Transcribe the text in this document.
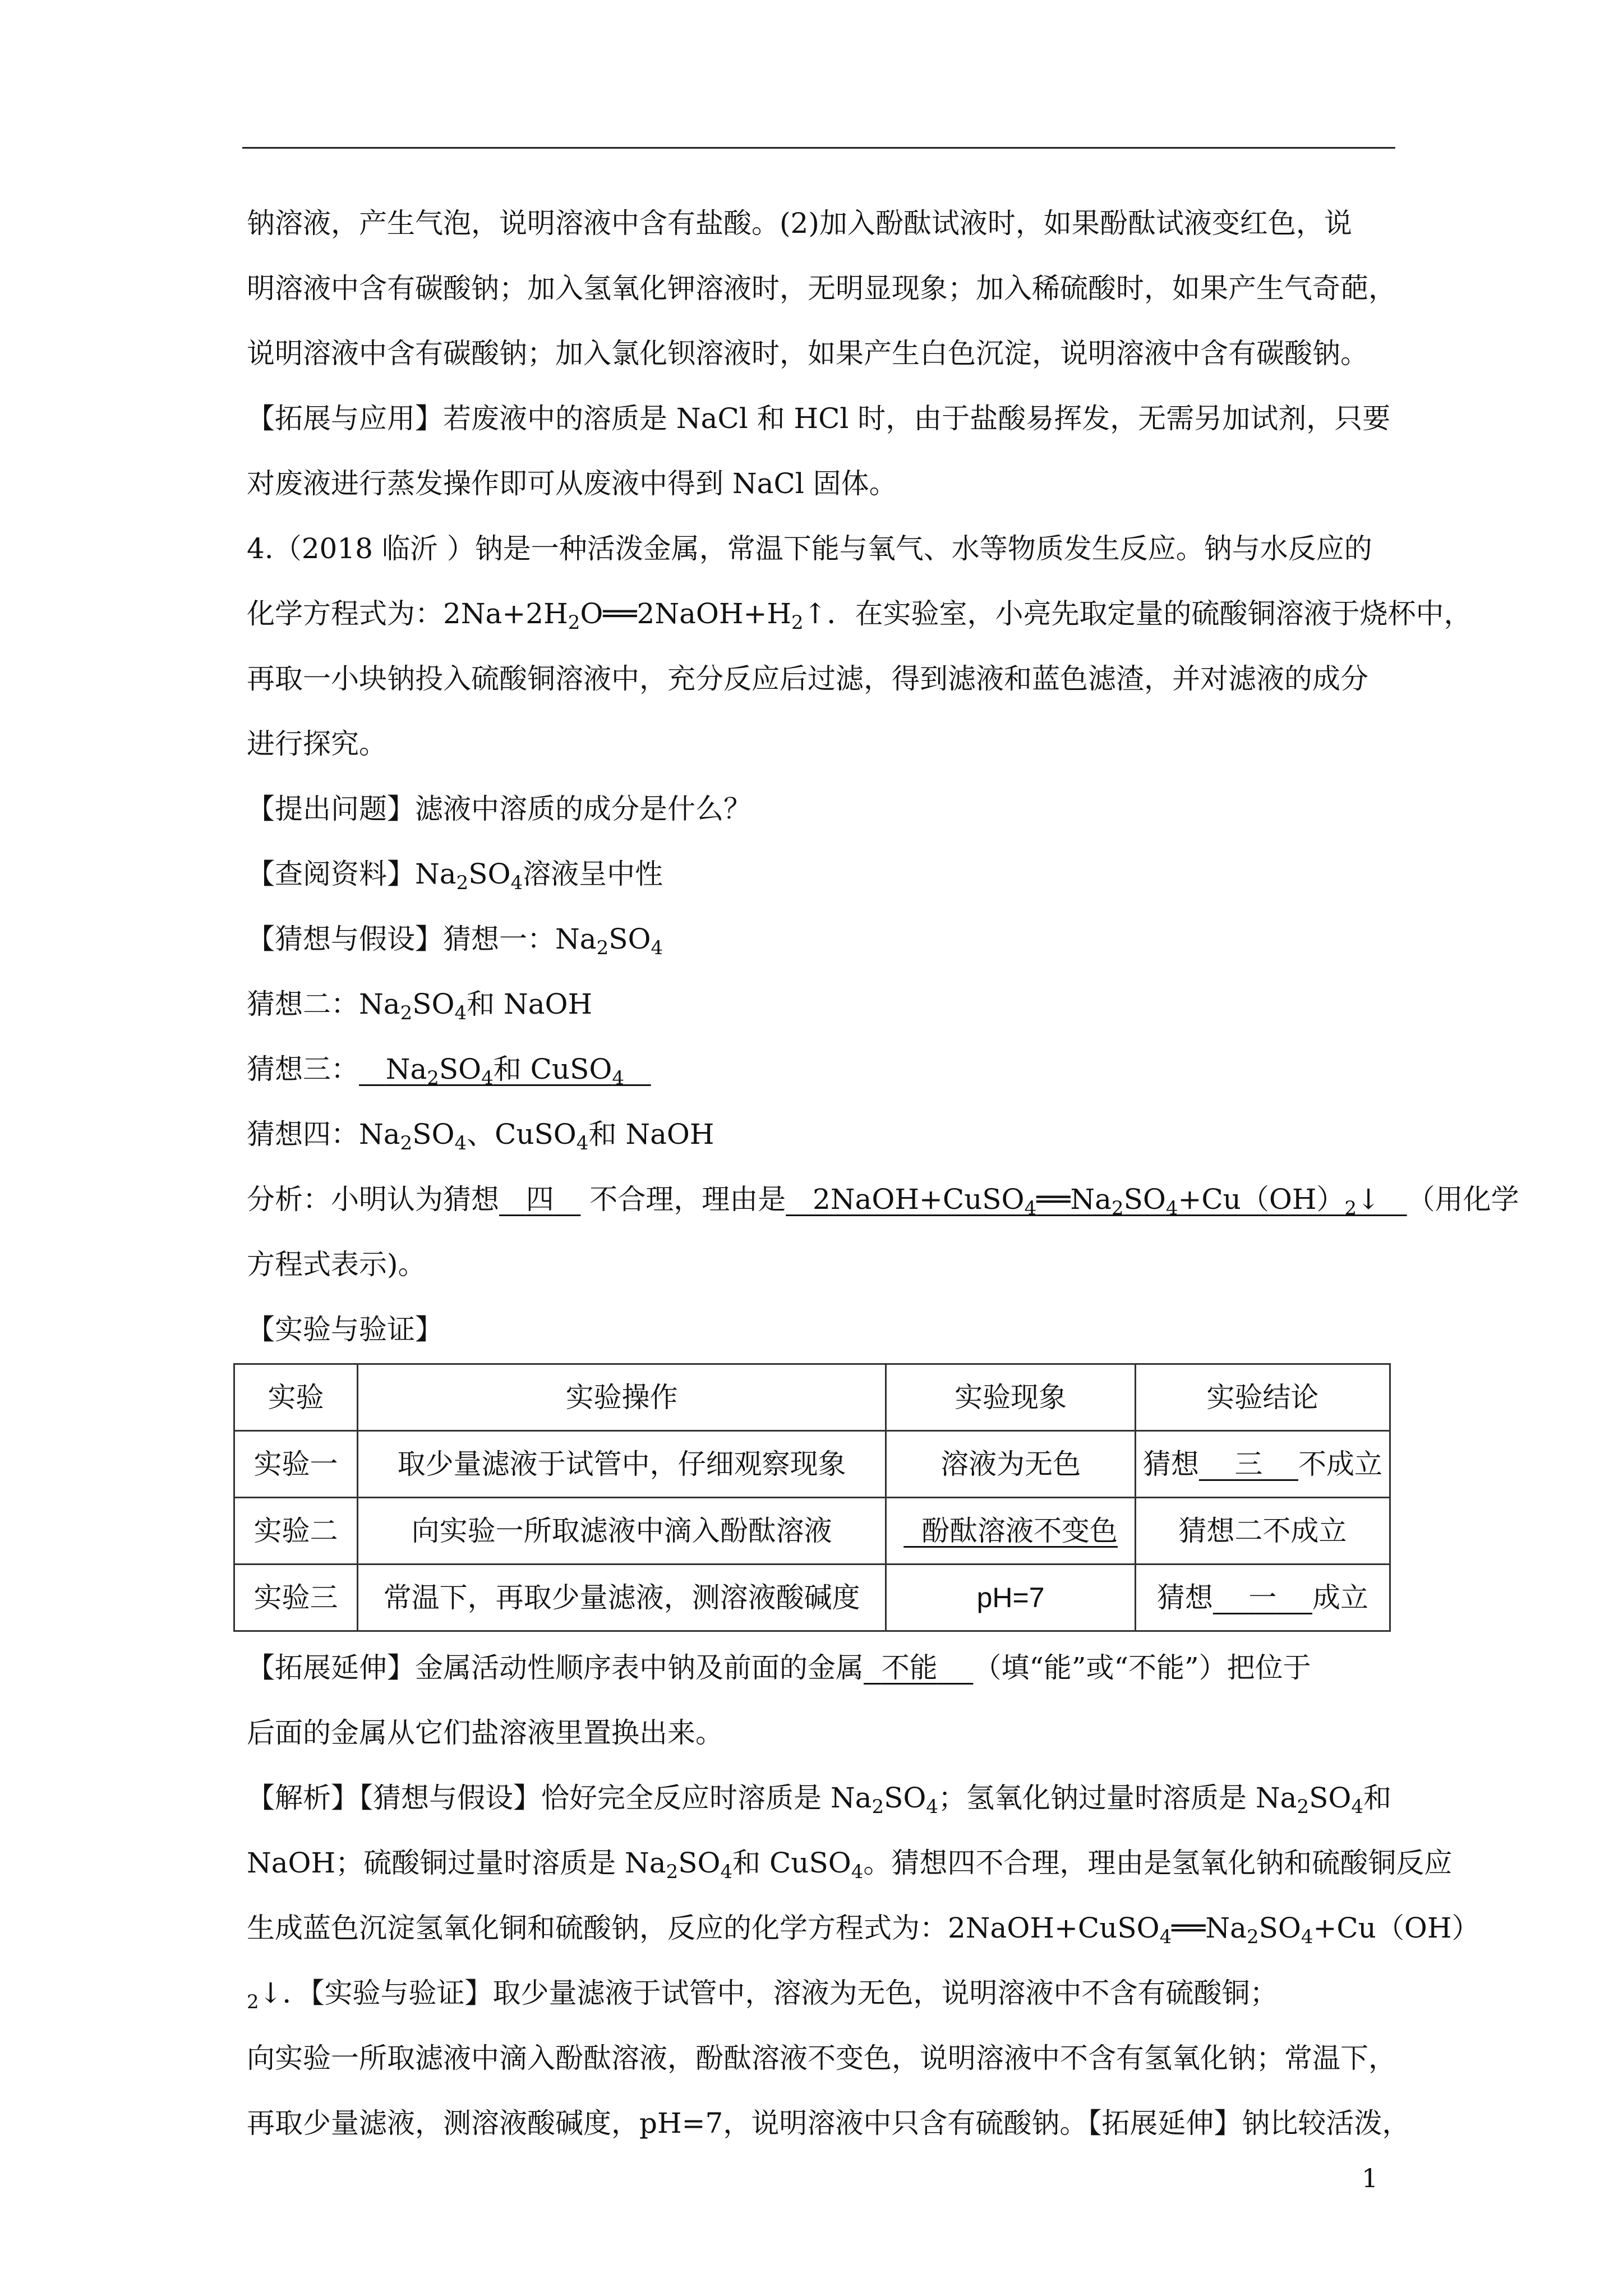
钠溶液，产生气泡，说明溶液中含有盐酸。(2)加入酚酞试液时，如果酚酞试液变红色，说
明溶液中含有碳酸钠；加入氢氧化钾溶液时，无明显现象；加入稀硫酸时，如果产生气奇葩，
说明溶液中含有碳酸钠；加入氯化钡溶液时，如果产生白色沉淀，说明溶液中含有碳酸钠。
【拓展与应用】若废液中的溶质是 NaCl 和 HCl 时，由于盐酸易挥发，无需另加试剂，只要
对废液进行蒸发操作即可从废液中得到 NaCl 固体。
4.（2018 临沂 ）钠是一种活泼金属，常温下能与氧气、水等物质发生反应。钠与水反应的
化学方程式为：$2Na+2H_2O══2NaOH+H_2↑$．在实验室，小亮先取定量的硫酸铜溶液于烧杯中，
再取一小块钠投入硫酸铜溶液中，充分反应后过滤，得到滤液和蓝色滤渣，并对滤液的成分
进行探究。
【提出问题】滤液中溶质的成分是什么？
【查阅资料】$Na_2SO_4$溶液呈中性
【猜想与假设】猜想一：$Na_2SO_4$
猜想二：$Na_2SO_4$和 NaOH
猜想三： $Na_2SO_4$和 CuSO$_4$
猜想四：$Na_2SO_4$、CuSO$_4$和 NaOH
分析：小明认为猜想 四 不合理，理由是 $2NaOH+CuSO_4══Na_2SO_4+Cu(OH)_2↓$ （用化学
方程式表示)。
【实验与验证】
实验	实验操作	实验现象	实验结论
实验一	取少量滤液于试管中，仔细观察现象	溶液为无色	猜想 三 不成立
实验二	向实验一所取滤液中滴入酚酞溶液	酚酞溶液不变色	猜想二不成立
实验三	常温下，再取少量滤液，测溶液酸碱度	pH=7	猜想 一 成立
【拓展延伸】金属活动性顺序表中钠及前面的金属 不能 （填“能”或“不能”）把位于
后面的金属从它们盐溶液里置换出来。
【解析】【猜想与假设】恰好完全反应时溶质是 $Na_2SO_4$；氢氧化钠过量时溶质是 $Na_2SO_4$和
NaOH；硫酸铜过量时溶质是 $Na_2SO_4$和 CuSO$_4$。猜想四不合理，理由是氢氧化钠和硫酸铜反应
生成蓝色沉淀氢氧化铜和硫酸钠，反应的化学方程式为：$2NaOH+CuSO_4══Na_2SO_4+Cu(OH)$
$_2$↓．【实验与验证】取少量滤液于试管中，溶液为无色，说明溶液中不含有硫酸铜；
向实验一所取滤液中滴入酚酞溶液，酚酞溶液不变色，说明溶液中不含有氢氧化钠；常温下，
再取少量滤液，测溶液酸碱度，pH=7，说明溶液中只含有硫酸钠。【拓展延伸】钠比较活泼，
1
